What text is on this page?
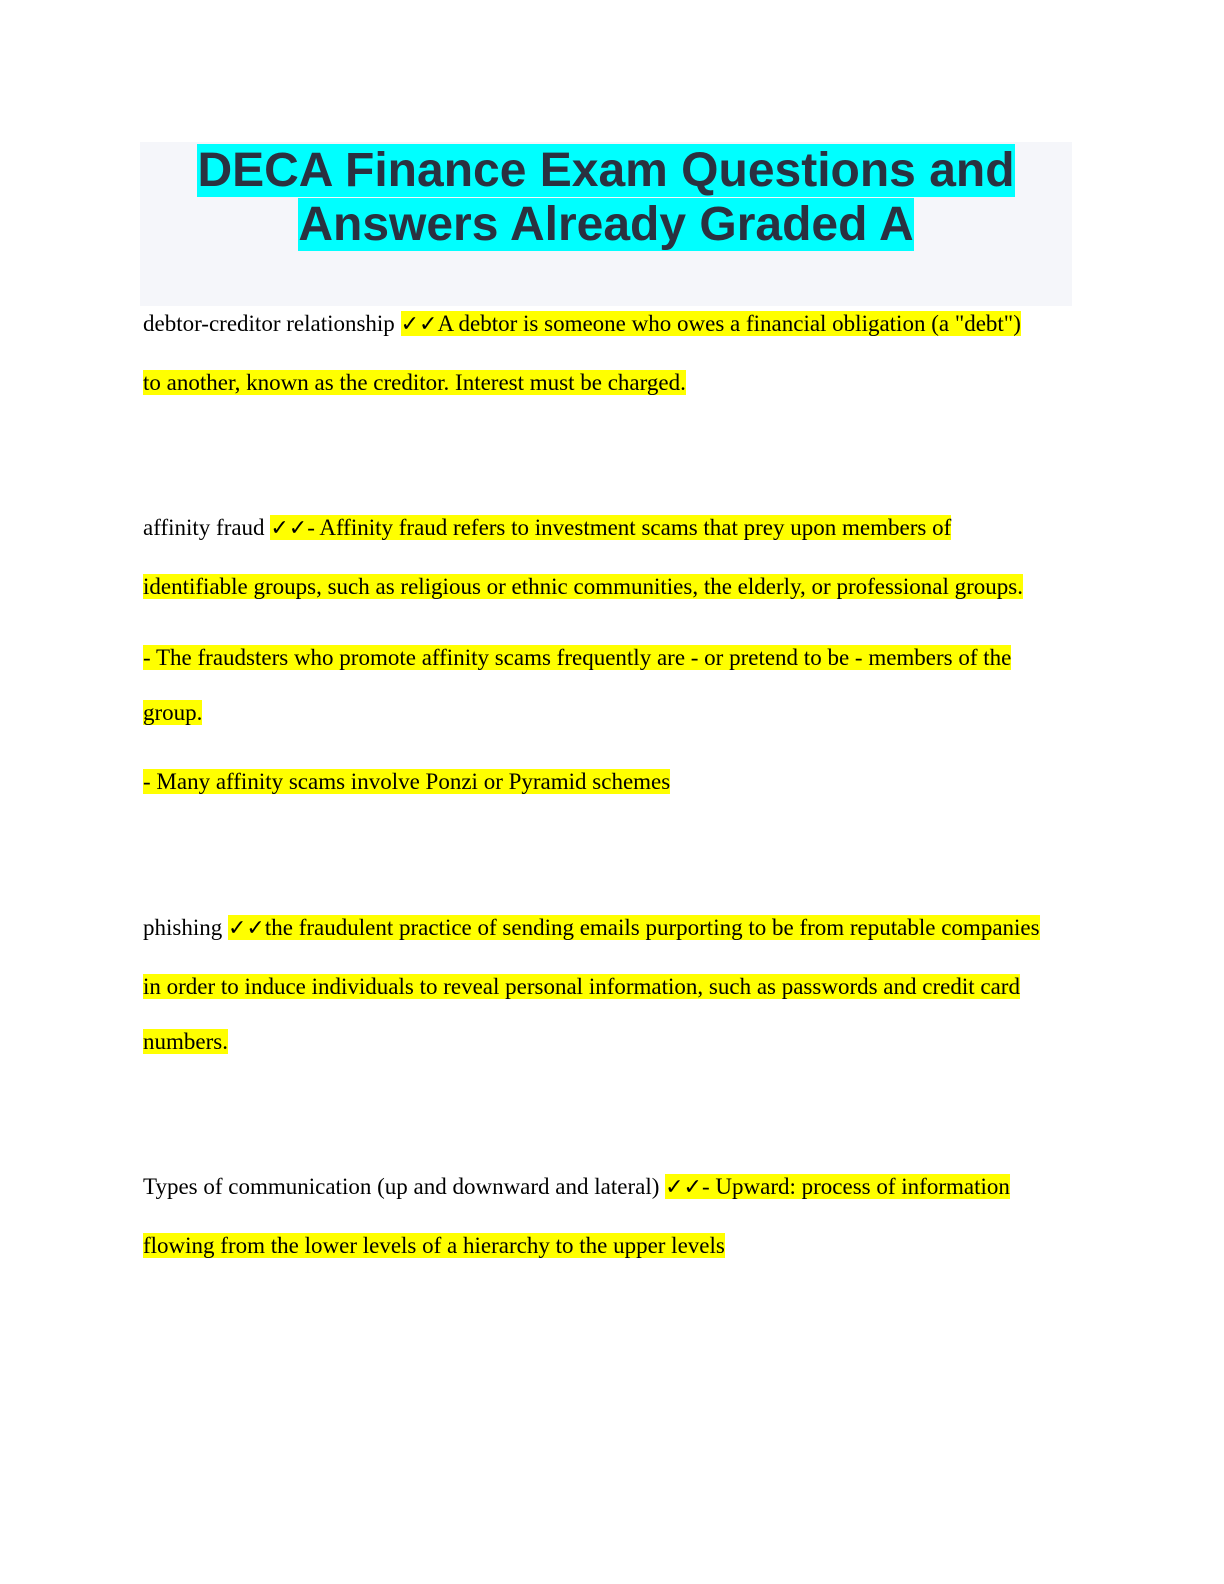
DECA Finance Exam Questions and
Answers Already Graded A
debtor-creditor relationship ✓✓A debtor is someone who owes a financial obligation (a "debt")
to another, known as the creditor. Interest must be charged.
affinity fraud ✓✓- Affinity fraud refers to investment scams that prey upon members of
identifiable groups, such as religious or ethnic communities, the elderly, or professional groups.
- The fraudsters who promote affinity scams frequently are - or pretend to be - members of the
group.
- Many affinity scams involve Ponzi or Pyramid schemes
phishing ✓✓the fraudulent practice of sending emails purporting to be from reputable companies
in order to induce individuals to reveal personal information, such as passwords and credit card
numbers.
Types of communication (up and downward and lateral) ✓✓- Upward: process of information
flowing from the lower levels of a hierarchy to the upper levels
